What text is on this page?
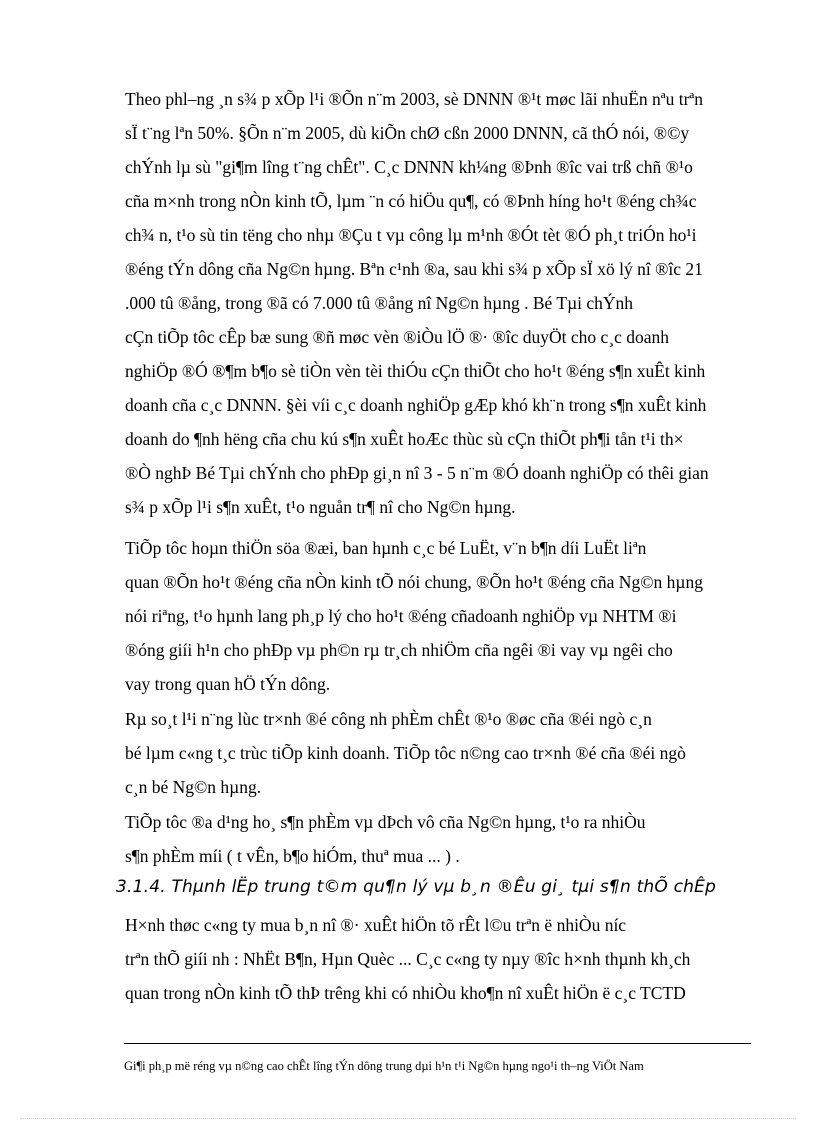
Theo phl–ng ¸n s¾ p xÕp l¹i ®Õn n¨m 2003, sè DNNN ®¹t møc lãi nhuËn nªu trªn
sÏ t¨ng lªn 50%. §Õn n¨m 2005, dù kiÕn chØ cßn 2000 DNNN, cã thÓ nói, ®©y
chÝnh lµ sù "gi¶m lîng t¨ng chÊt". C¸c DNNN kh¼ng ®Þnh ®îc vai trß chñ ®¹o
cña m×nh trong nÒn kinh tÕ, lµm ¨n có hiÖu qu¶, có ®Þnh híng ho¹t ®éng ch¾c
ch¾ n, t¹o sù tin tëng cho nhµ ®Çu t vµ công lµ m¹nh ®Ót tèt ®Ó ph¸t triÓn ho¹i
®éng tÝn dông cña Ng©n hµng. Bªn c¹nh ®a, sau khi s¾ p xÕp sÏ xö lý nî ®îc 21
.000 tû ®ång, trong ®ã có 7.000 tû ®ång nî Ng©n hµng . Bé Tµi chÝnh
cÇn tiÕp tôc cÊp bæ sung ®ñ møc vèn ®iÒu lÖ ®· ®îc duyÖt cho c¸c doanh
nghiÖp ®Ó ®¶m b¶o sè tiÒn vèn tèi thiÓu cÇn thiÕt cho ho¹t ®éng s¶n xuÊt kinh
doanh cña c¸c DNNN. §èi víi c¸c doanh nghiÖp gÆp khó kh¨n trong s¶n xuÊt kinh
doanh do ¶nh hëng cña chu kú s¶n xuÊt hoÆc thùc sù cÇn thiÕt ph¶i tån t¹i th×
®Ò nghÞ Bé Tµi chÝnh cho phÐp gi¸n nî 3 - 5 n¨m ®Ó doanh nghiÖp có thêi gian
s¾ p xÕp l¹i s¶n xuÊt, t¹o nguån tr¶ nî cho Ng©n hµng.
TiÕp tôc hoµn thiÖn söa ®æi, ban hµnh c¸c bé LuËt, v¨n b¶n díi LuËt liªn
quan ®Õn ho¹t ®éng cña nÒn kinh tÕ nói chung, ®Õn ho¹t ®éng cña Ng©n hµng
nói riªng, t¹o hµnh lang ph¸p lý cho ho¹t ®éng cñadoanh nghiÖp vµ NHTM ®i
®óng giíi h¹n cho phÐp vµ ph©n rµ tr¸ch nhiÖm cña ngêi ®i vay vµ ngêi cho
vay trong quan hÖ tÝn dông.
Rµ so¸t l¹i n¨ng lùc tr×nh ®é công nh phÈm chÊt ®¹o ®øc cña ®éi ngò c¸n
bé lµm c«ng t¸c trùc tiÕp kinh doanh. TiÕp tôc n©ng cao tr×nh ®é cña ®éi ngò
c¸n bé Ng©n hµng.
TiÕp tôc ®a d¹ng ho¸ s¶n phÈm vµ dÞch vô cña Ng©n hµng, t¹o ra nhiÒu
s¶n phÈm míi ( t vÊn, b¶o hiÓm, thuª mua ... ) .
3.1.4. Thµnh lËp trung t©m qu¶n lý vµ b¸n ®Êu gi¸ tµi s¶n thÕ chÊp
H×nh thøc c«ng ty mua b¸n nî ®· xuÊt hiÖn tõ rÊt l©u trªn ë nhiÒu níc
trªn thÕ giíi nh : NhËt B¶n, Hµn Quèc ... C¸c c«ng ty nµy ®îc h×nh thµnh kh¸ch
quan trong nÒn kinh tÕ thÞ trêng khi có nhiÒu kho¶n nî xuÊt hiÖn ë c¸c TCTD
Gi¶i ph¸p më réng vµ n©ng cao chÊt lîng tÝn dông trung dµi h¹n t¹i Ng©n hµng ngo¹i th–ng ViÖt Nam
